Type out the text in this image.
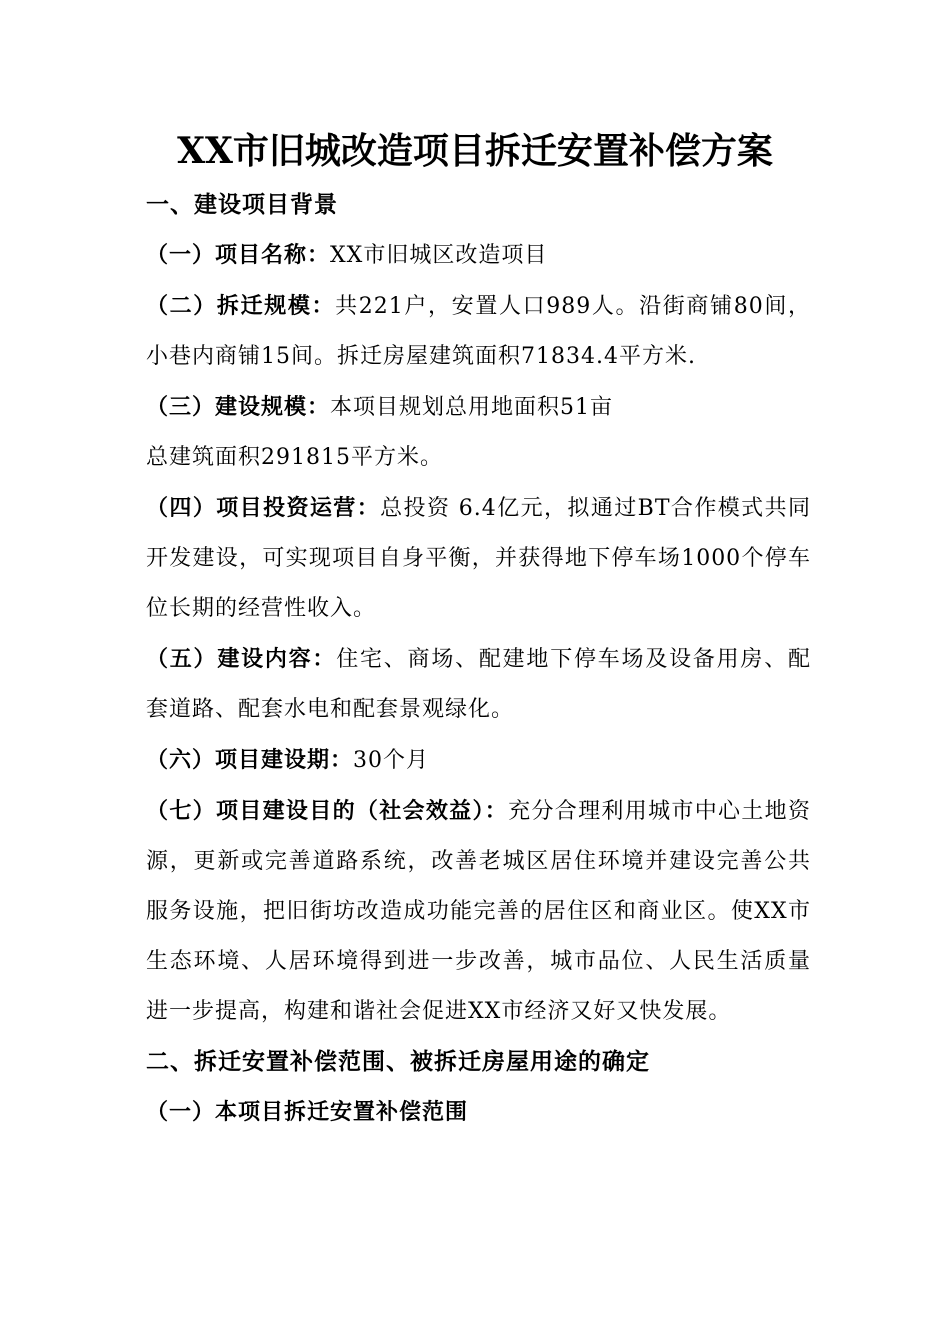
XX市旧城改造项目拆迁安置补偿方案

一、建设项目背景

（一）项目名称：XX市旧城区改造项目

（二）拆迁规模：共221户，安置人口989人。沿街商铺80间，小巷内商铺15间。拆迁房屋建筑面积71834.4平方米.

（三）建设规模：本项目规划总用地面积51亩

总建筑面积291815平方米。

（四）项目投资运营：总投资 6.4亿元，拟通过BT合作模式共同开发建设，可实现项目自身平衡，并获得地下停车场1000个停车位长期的经营性收入。

（五）建设内容：住宅、商场、配建地下停车场及设备用房、配套道路、配套水电和配套景观绿化。

（六）项目建设期：30个月

（七）项目建设目的（社会效益）：充分合理利用城市中心土地资源，更新或完善道路系统，改善老城区居住环境并建设完善公共服务设施，把旧街坊改造成功能完善的居住区和商业区。使XX市生态环境、人居环境得到进一步改善，城市品位、人民生活质量进一步提高，构建和谐社会促进XX市经济又好又快发展。

二、拆迁安置补偿范围、被拆迁房屋用途的确定

（一）本项目拆迁安置补偿范围
